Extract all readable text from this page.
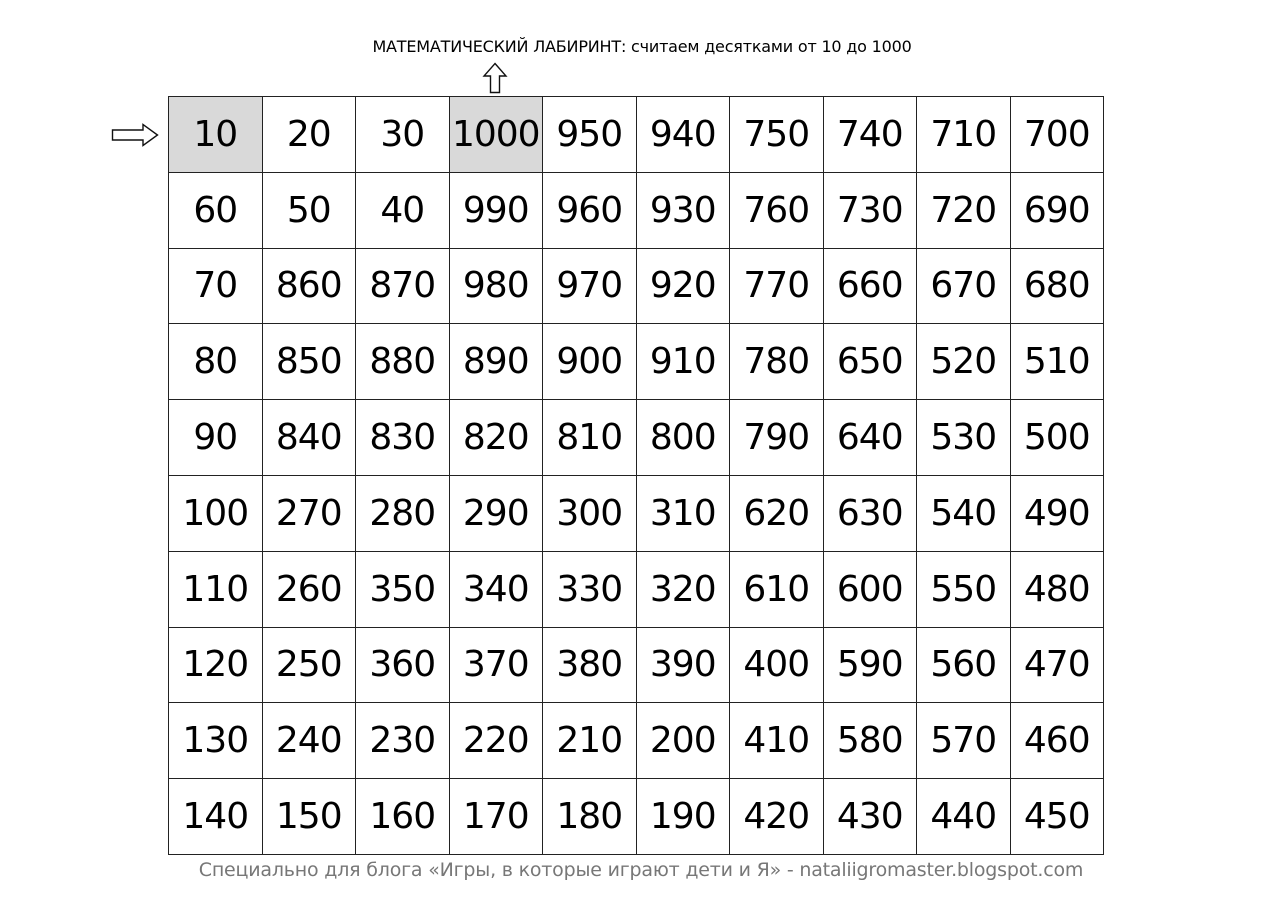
МАТЕМАТИЧЕСКИЙ ЛАБИРИНТ: считаем десятками от 10 до 1000
10	20	30	1000	950	940	750	740	710	700
60	50	40	990	960	930	760	730	720	690
70	860	870	980	970	920	770	660	670	680
80	850	880	890	900	910	780	650	520	510
90	840	830	820	810	800	790	640	530	500
100	270	280	290	300	310	620	630	540	490
110	260	350	340	330	320	610	600	550	480
120	250	360	370	380	390	400	590	560	470
130	240	230	220	210	200	410	580	570	460
140	150	160	170	180	190	420	430	440	450
Специально для блога «Игры, в которые играют дети и Я» - nataliigromaster.blogspot.com
